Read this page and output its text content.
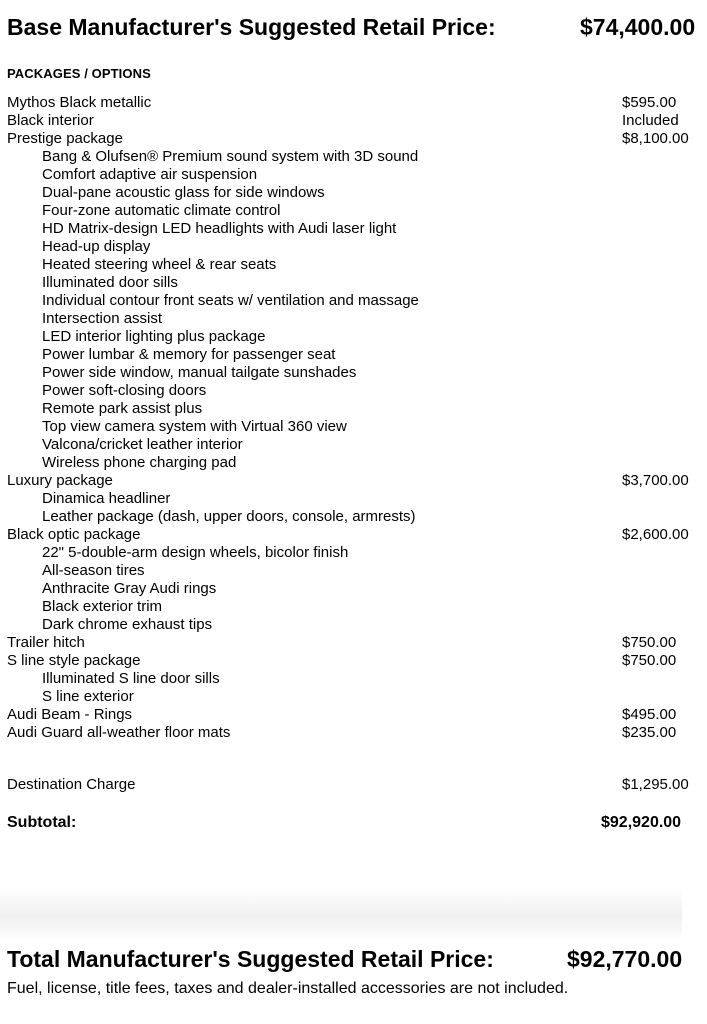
Base Manufacturer's Suggested Retail Price:	$74,400.00
PACKAGES / OPTIONS
Mythos Black metallic	$595.00
Black interior	Included
Prestige package	$8,100.00
Bang & Olufsen® Premium sound system with 3D sound
Comfort adaptive air suspension
Dual-pane acoustic glass for side windows
Four-zone automatic climate control
HD Matrix-design LED headlights with Audi laser light
Head-up display
Heated steering wheel & rear seats
Illuminated door sills
Individual contour front seats w/ ventilation and massage
Intersection assist
LED interior lighting plus package
Power lumbar & memory for passenger seat
Power side window, manual tailgate sunshades
Power soft-closing doors
Remote park assist plus
Top view camera system with Virtual 360 view
Valcona/cricket leather interior
Wireless phone charging pad
Luxury package	$3,700.00
Dinamica headliner
Leather package (dash, upper doors, console, armrests)
Black optic package	$2,600.00
22" 5-double-arm design wheels, bicolor finish
All-season tires
Anthracite Gray Audi rings
Black exterior trim
Dark chrome exhaust tips
Trailer hitch	$750.00
S line style package	$750.00
Illuminated S line door sills
S line exterior
Audi Beam - Rings	$495.00
Audi Guard all-weather floor mats	$235.00
Destination Charge	$1,295.00
Subtotal:	$92,920.00
Total Manufacturer's Suggested Retail Price:	$92,770.00
Fuel, license, title fees, taxes and dealer-installed accessories are not included.
